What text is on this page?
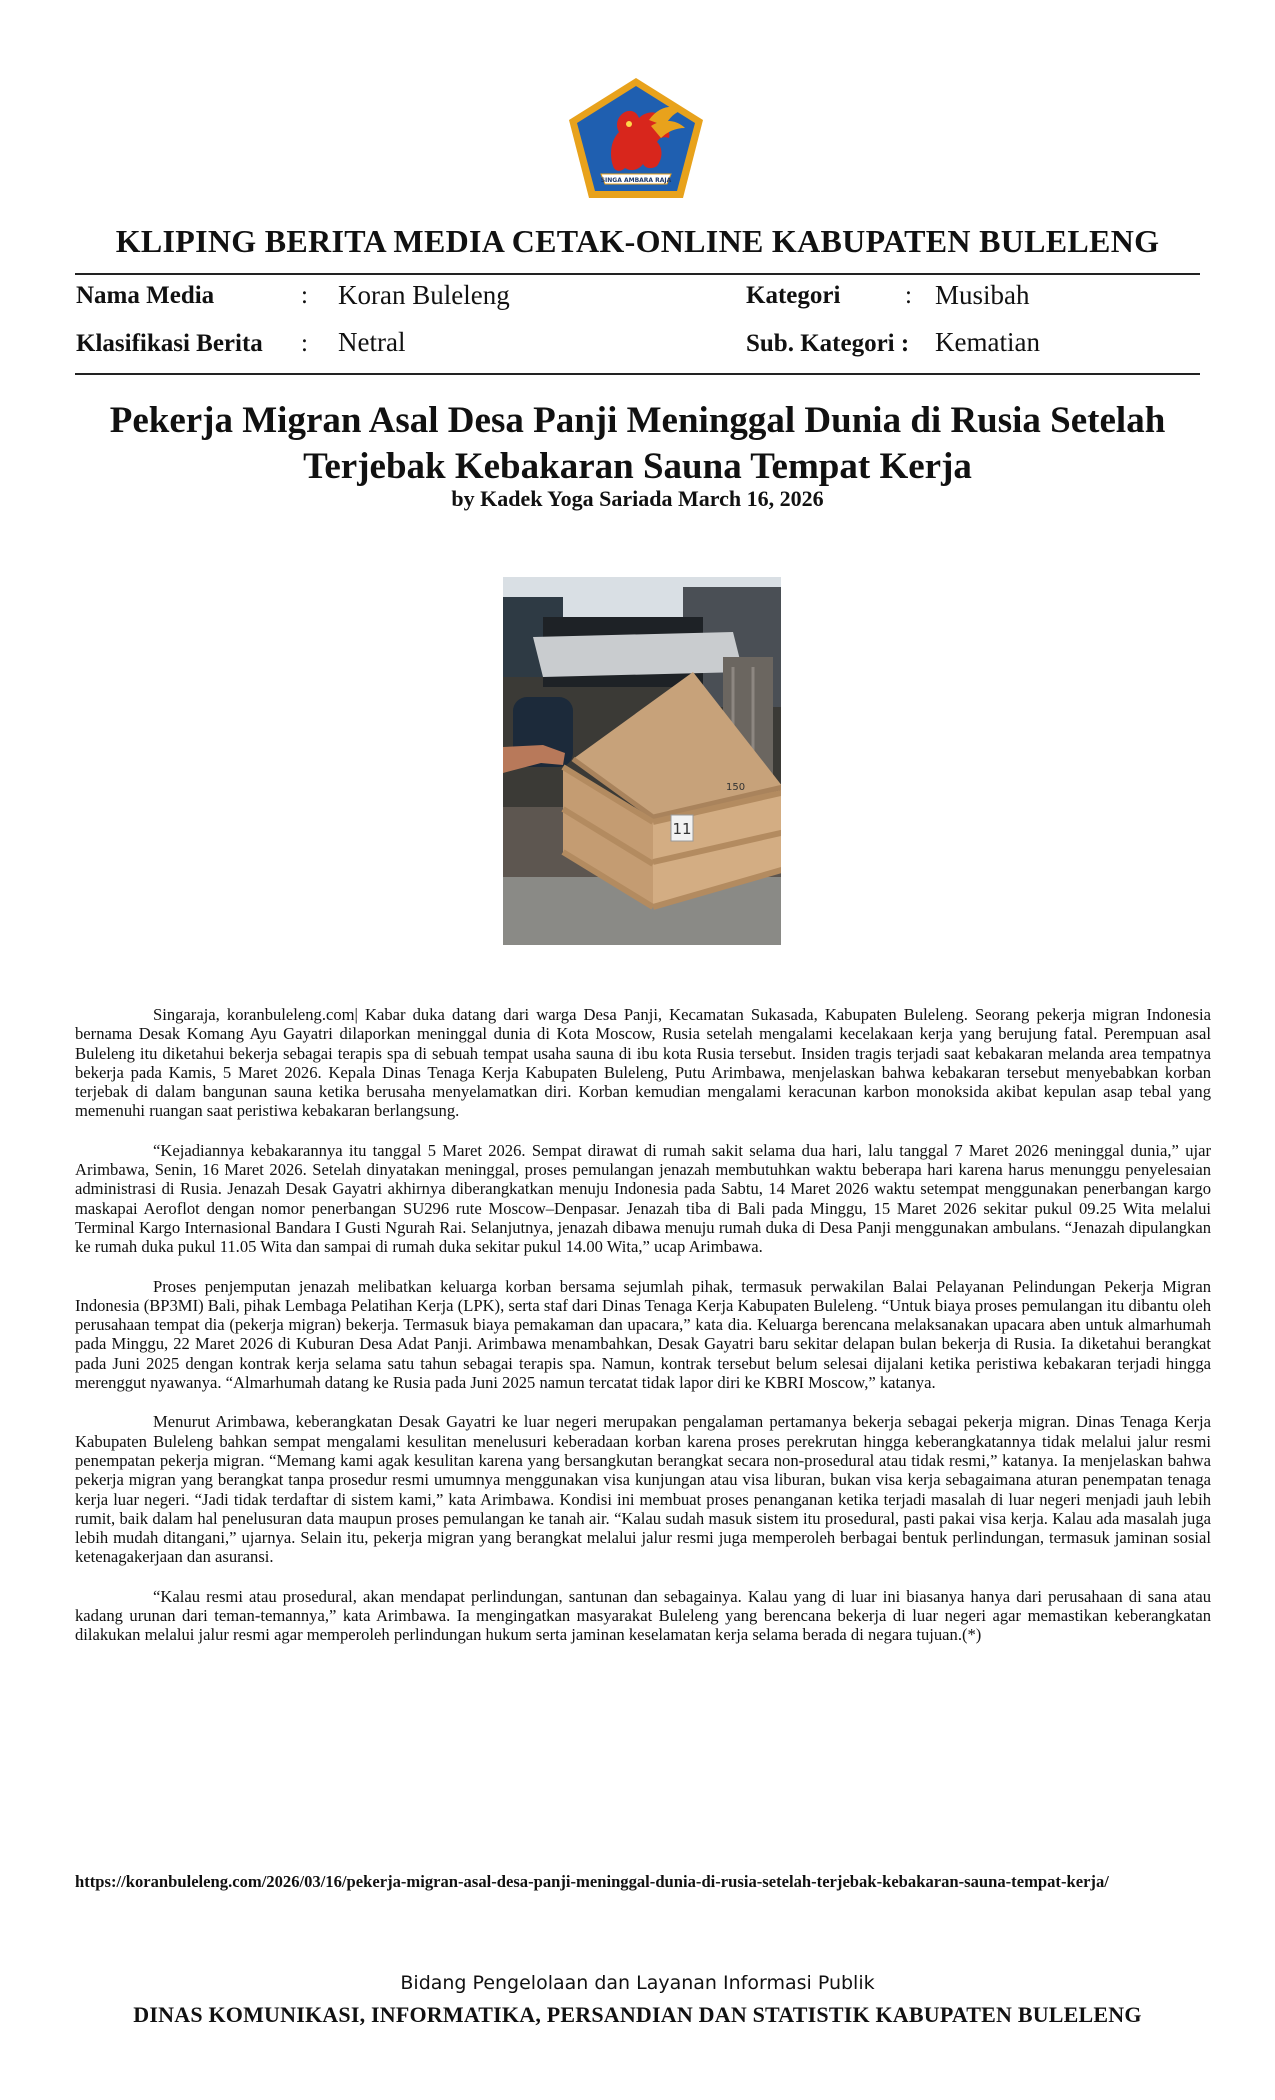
SINGA AMBARA RAJA
KLIPING BERITA MEDIA CETAK-ONLINE KABUPATEN BULELENG
Nama Media	: Koran Buleleng	Kategori	: Musibah
Klasifikasi Berita : Netral	Sub. Kategori : Kematian
Pekerja Migran Asal Desa Panji Meninggal Dunia di Rusia Setelah
Terjebak Kebakaran Sauna Tempat Kerja
by Kadek Yoga Sariada March 16, 2026
11
150

Singaraja, koranbuleleng.com| Kabar duka datang dari warga Desa Panji, Kecamatan Sukasada, Kabupaten Buleleng. Seorang pekerja migran Indonesia bernama Desak Komang Ayu Gayatri dilaporkan meninggal dunia di Kota Moscow, Rusia setelah mengalami kecelakaan kerja yang berujung fatal. Perempuan asal Buleleng itu diketahui bekerja sebagai terapis spa di sebuah tempat usaha sauna di ibu kota Rusia tersebut. Insiden tragis terjadi saat kebakaran melanda area tempatnya bekerja pada Kamis, 5 Maret 2026. Kepala Dinas Tenaga Kerja Kabupaten Buleleng, Putu Arimbawa, menjelaskan bahwa kebakaran tersebut menyebabkan korban terjebak di dalam bangunan sauna ketika berusaha menyelamatkan diri. Korban kemudian mengalami keracunan karbon monoksida akibat kepulan asap tebal yang memenuhi ruangan saat peristiwa kebakaran berlangsung.

“Kejadiannya kebakarannya itu tanggal 5 Maret 2026. Sempat dirawat di rumah sakit selama dua hari, lalu tanggal 7 Maret 2026 meninggal dunia,” ujar Arimbawa, Senin, 16 Maret 2026. Setelah dinyatakan meninggal, proses pemulangan jenazah membutuhkan waktu beberapa hari karena harus menunggu penyelesaian administrasi di Rusia. Jenazah Desak Gayatri akhirnya diberangkatkan menuju Indonesia pada Sabtu, 14 Maret 2026 waktu setempat menggunakan penerbangan kargo maskapai Aeroflot dengan nomor penerbangan SU296 rute Moscow–Denpasar. Jenazah tiba di Bali pada Minggu, 15 Maret 2026 sekitar pukul 09.25 Wita melalui Terminal Kargo Internasional Bandara I Gusti Ngurah Rai. Selanjutnya, jenazah dibawa menuju rumah duka di Desa Panji menggunakan ambulans. “Jenazah dipulangkan ke rumah duka pukul 11.05 Wita dan sampai di rumah duka sekitar pukul 14.00 Wita,” ucap Arimbawa.

Proses penjemputan jenazah melibatkan keluarga korban bersama sejumlah pihak, termasuk perwakilan Balai Pelayanan Pelindungan Pekerja Migran Indonesia (BP3MI) Bali, pihak Lembaga Pelatihan Kerja (LPK), serta staf dari Dinas Tenaga Kerja Kabupaten Buleleng. “Untuk biaya proses pemulangan itu dibantu oleh perusahaan tempat dia (pekerja migran) bekerja. Termasuk biaya pemakaman dan upacara,” kata dia. Keluarga berencana melaksanakan upacara aben untuk almarhumah pada Minggu, 22 Maret 2026 di Kuburan Desa Adat Panji. Arimbawa menambahkan, Desak Gayatri baru sekitar delapan bulan bekerja di Rusia. Ia diketahui berangkat pada Juni 2025 dengan kontrak kerja selama satu tahun sebagai terapis spa. Namun, kontrak tersebut belum selesai dijalani ketika peristiwa kebakaran terjadi hingga merenggut nyawanya. “Almarhumah datang ke Rusia pada Juni 2025 namun tercatat tidak lapor diri ke KBRI Moscow,” katanya.

Menurut Arimbawa, keberangkatan Desak Gayatri ke luar negeri merupakan pengalaman pertamanya bekerja sebagai pekerja migran. Dinas Tenaga Kerja Kabupaten Buleleng bahkan sempat mengalami kesulitan menelusuri keberadaan korban karena proses perekrutan hingga keberangkatannya tidak melalui jalur resmi penempatan pekerja migran. “Memang kami agak kesulitan karena yang bersangkutan berangkat secara non-prosedural atau tidak resmi,” katanya. Ia menjelaskan bahwa pekerja migran yang berangkat tanpa prosedur resmi umumnya menggunakan visa kunjungan atau visa liburan, bukan visa kerja sebagaimana aturan penempatan tenaga kerja luar negeri. “Jadi tidak terdaftar di sistem kami,” kata Arimbawa. Kondisi ini membuat proses penanganan ketika terjadi masalah di luar negeri menjadi jauh lebih rumit, baik dalam hal penelusuran data maupun proses pemulangan ke tanah air. “Kalau sudah masuk sistem itu prosedural, pasti pakai visa kerja. Kalau ada masalah juga lebih mudah ditangani,” ujarnya. Selain itu, pekerja migran yang berangkat melalui jalur resmi juga memperoleh berbagai bentuk perlindungan, termasuk jaminan sosial ketenagakerjaan dan asuransi.

“Kalau resmi atau prosedural, akan mendapat perlindungan, santunan dan sebagainya. Kalau yang di luar ini biasanya hanya dari perusahaan di sana atau kadang urunan dari teman-temannya,” kata Arimbawa. Ia mengingatkan masyarakat Buleleng yang berencana bekerja di luar negeri agar memastikan keberangkatan dilakukan melalui jalur resmi agar memperoleh perlindungan hukum serta jaminan keselamatan kerja selama berada di negara tujuan.(*)

https://koranbuleleng.com/2026/03/16/pekerja-migran-asal-desa-panji-meninggal-dunia-di-rusia-setelah-terjebak-kebakaran-sauna-tempat-kerja/
Bidang Pengelolaan dan Layanan Informasi Publik
DINAS KOMUNIKASI, INFORMATIKA, PERSANDIAN DAN STATISTIK KABUPATEN BULELENG
